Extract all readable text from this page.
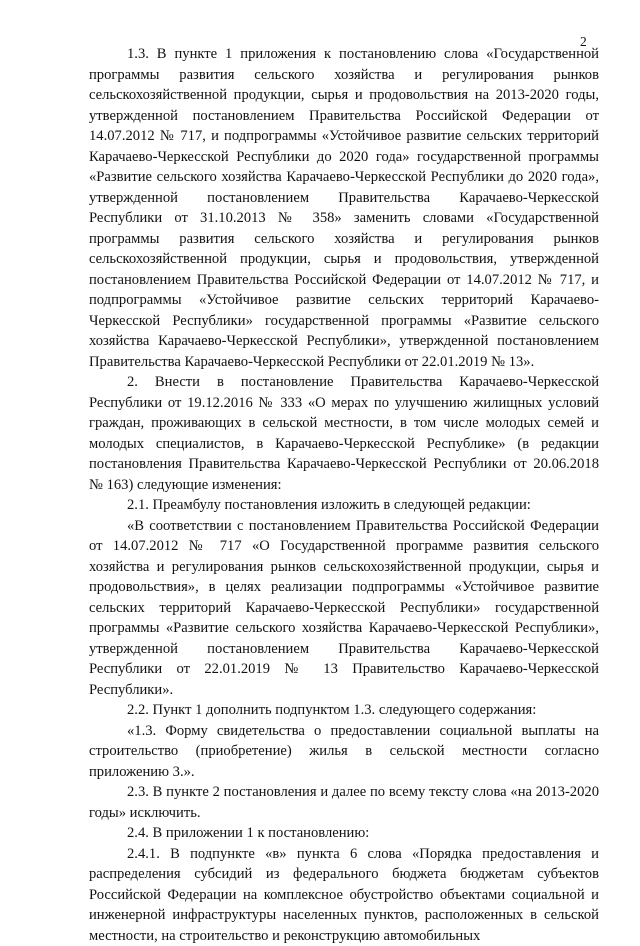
2

1.3. В пункте 1 приложения к постановлению слова «Государственной программы развития сельского хозяйства и регулирования рынков сельскохозяйственной продукции, сырья и продовольствия на 2013-2020 годы, утвержденной постановлением Правительства Российской Федерации от 14.07.2012 № 717, и подпрограммы «Устойчивое развитие сельских территорий Карачаево-Черкесской Республики до 2020 года» государственной программы «Развитие сельского хозяйства Карачаево-Черкесской Республики до 2020 года», утвержденной постановлением Правительства Карачаево-Черкесской Республики от 31.10.2013 № 358» заменить словами «Государственной программы развития сельского хозяйства и регулирования рынков сельскохозяйственной продукции, сырья и продовольствия, утвержденной постановлением Правительства Российской Федерации от 14.07.2012 № 717, и подпрограммы «Устойчивое развитие сельских территорий Карачаево-Черкесской Республики» государственной программы «Развитие сельского хозяйства Карачаево-Черкесской Республики», утвержденной постановлением Правительства Карачаево-Черкесской Республики от 22.01.2019 № 13».

2. Внести в постановление Правительства Карачаево-Черкесской Республики от 19.12.2016 № 333 «О мерах по улучшению жилищных условий граждан, проживающих в сельской местности, в том числе молодых семей и молодых специалистов, в Карачаево-Черкесской Республике» (в редакции постановления Правительства Карачаево-Черкесской Республики от 20.06.2018 № 163) следующие изменения:

2.1. Преамбулу постановления изложить в следующей редакции:

«В соответствии с постановлением Правительства Российской Федерации от 14.07.2012 № 717 «О Государственной программе развития сельского хозяйства и регулирования рынков сельскохозяйственной продукции, сырья и продовольствия», в целях реализации подпрограммы «Устойчивое развитие сельских территорий Карачаево-Черкесской Республики» государственной программы «Развитие сельского хозяйства Карачаево-Черкесской Республики», утвержденной постановлением Правительства Карачаево-Черкесской Республики от 22.01.2019 № 13 Правительство Карачаево-Черкесской Республики».

2.2. Пункт 1 дополнить подпунктом 1.3. следующего содержания:

«1.3. Форму свидетельства о предоставлении социальной выплаты на строительство (приобретение) жилья в сельской местности согласно приложению 3.».

2.3. В пункте 2 постановления и далее по всему тексту слова «на 2013-2020 годы» исключить.

2.4. В приложении 1 к постановлению:

2.4.1. В подпункте «в» пункта 6 слова «Порядка предоставления и распределения субсидий из федерального бюджета бюджетам субъектов Российской Федерации на комплексное обустройство объектами социальной и инженерной инфраструктуры населенных пунктов, расположенных в сельской местности, на строительство и реконструкцию автомобильных
